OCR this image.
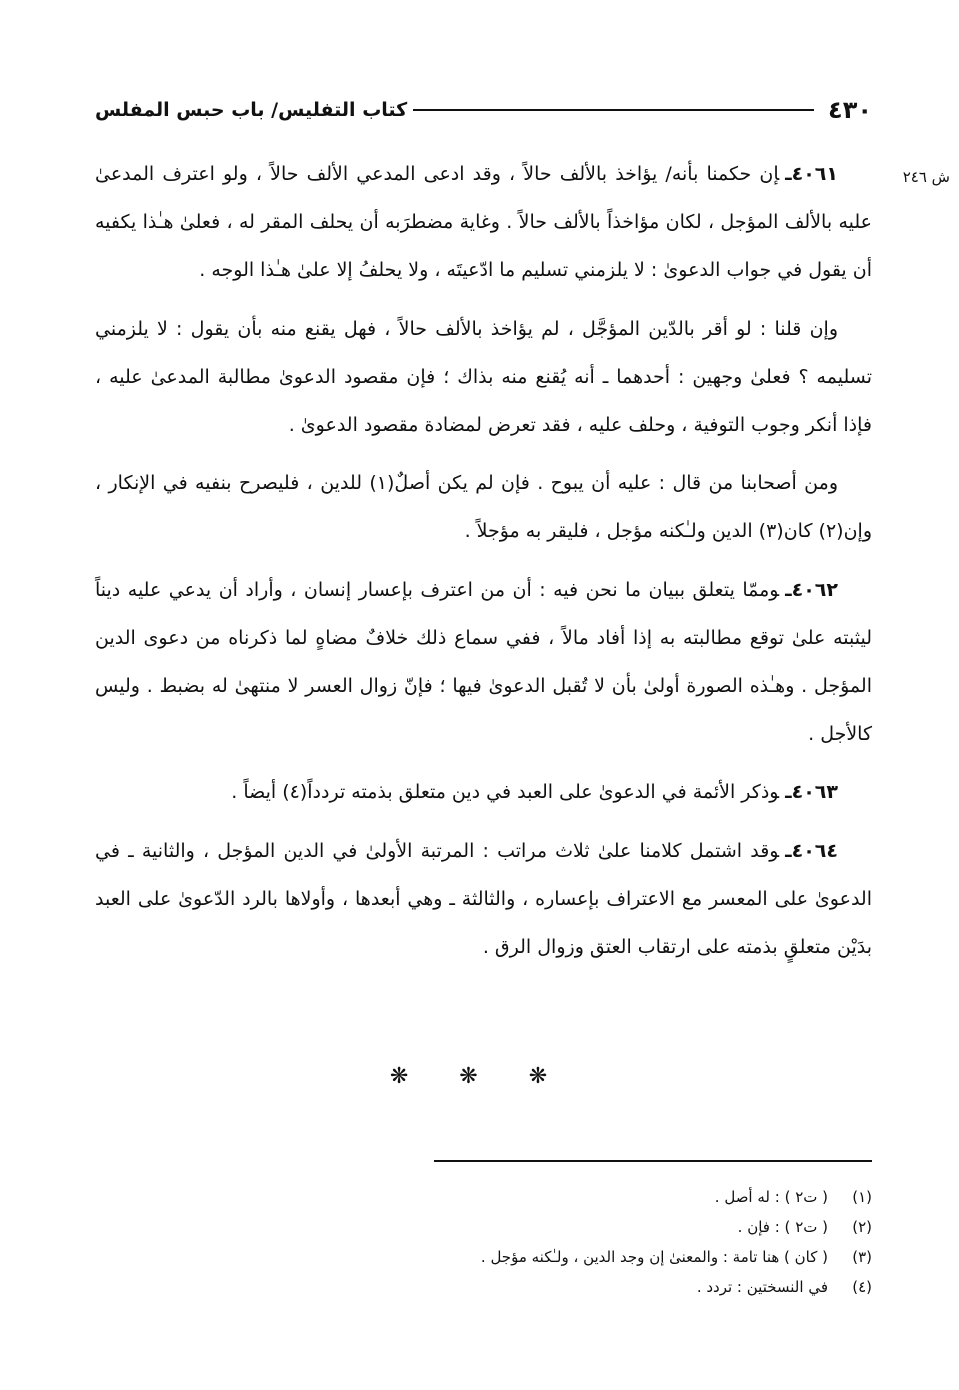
٤٣٠
كتاب التفليس/ باب حبس المفلس
ش ٢٤٦

٤٠٦١ـإن حكمنا بأنه/ يؤاخذ بالألف حالاً ، وقد ادعى المدعي الألف حالاً ، ولو اعترف المدعىٰ عليه بالألف المؤجل ، لكان مؤاخذاً بالألف حالاً . وغاية مضطرَبه أن يحلف المقر له ، فعلىٰ هـٰذا يكفيه أن يقول في جواب الدعوىٰ : لا يلزمني تسليم ما ادّعيتَه ، ولا يحلفُ إلا علىٰ هـٰذا الوجه .

وإن قلنا : لو أقر بالدّين المؤجَّل ، لم يؤاخذ بالألف حالاً ، فهل يقنع منه بأن يقول : لا يلزمني تسليمه ؟ فعلىٰ وجهين : أحدهما ـ أنه يُقنع منه بذاك ؛ فإن مقصود الدعوىٰ مطالبة المدعىٰ عليه ، فإذا أنكر وجوب التوفية ، وحلف عليه ، فقد تعرض لمضادة مقصود الدعوىٰ .

ومن أصحابنا من قال : عليه أن يبوح . فإن لم يكن أصلٌ(١) للدين ، فليصرح بنفيه في الإنكار ، وإن(٢) كان(٣) الدين ولـٰكنه مؤجل ، فليقر به مؤجلاً .

٤٠٦٢ـوممّا يتعلق ببيان ما نحن فيه : أن من اعترف بإعسار إنسان ، وأراد أن يدعي عليه ديناً ليثبته علىٰ توقع مطالبته به إذا أفاد مالاً ، ففي سماع ذلك خلافٌ مضاهٍ لما ذكرناه من دعوى الدين المؤجل . وهـٰذه الصورة أولىٰ بأن لا تُقبل الدعوىٰ فيها ؛ فإنّ زوال العسر لا منتهىٰ له بضبط . وليس كالأجل .

٤٠٦٣ـوذكر الأئمة في الدعوىٰ على العبد في دين متعلق بذمته تردداً(٤) أيضاً .

٤٠٦٤ـوقد اشتمل كلامنا علىٰ ثلاث مراتب : المرتبة الأولىٰ في الدين المؤجل ، والثانية ـ في الدعوىٰ على المعسر مع الاعتراف بإعساره ، والثالثة ـ وهي أبعدها ، وأولاها بالرد الدّعوىٰ على العبد بدَيْن متعلقٍ بذمته على ارتقاب العتق وزوال الرق .

❋ ❋ ❋
(١)
( ت٢ ) : له أصل .
(٢)
( ت٢ ) : فإن .
(٣)
( كان ) هنا تامة : والمعنىٰ إن وجد الدين ، ولـٰكنه مؤجل .
(٤)
في النسختين : تردد .
